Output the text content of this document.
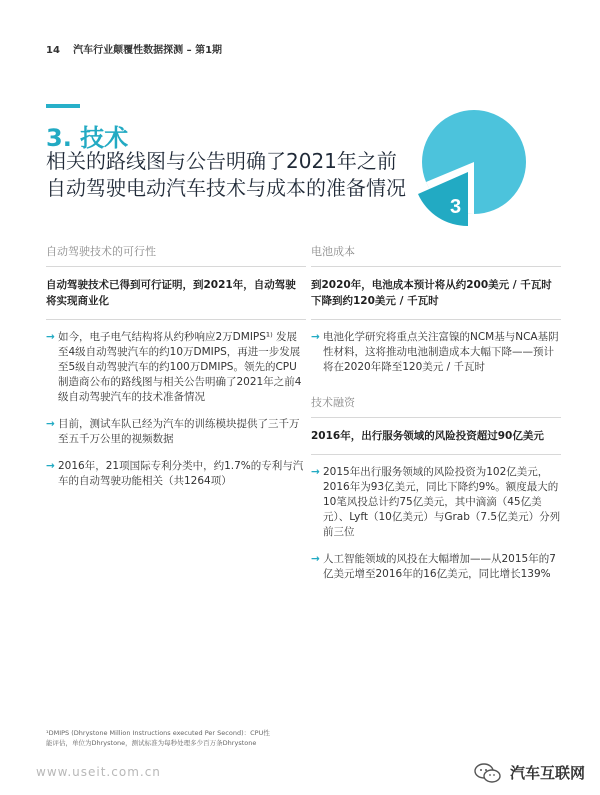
14 汽车行业颠覆性数据探测 – 第1期
3. 技术
相关的路线图与公告明确了2021年之前自动驾驶电动汽车技术与成本的准备情况
3
自动驾驶技术的可行性
自动驾驶技术已得到可行证明，到2021年，自动驾驶将实现商业化
→ 如今，电子电气结构将从约秒响应2万DMIPS¹⁾ 发展至4级自动驾驶汽车的约10万DMIPS，再进一步发展至5级自动驾驶汽车的约100万DMIPS。领先的CPU制造商公布的路线图与相关公告明确了2021年之前4级自动驾驶汽车的技术准备情况
→ 目前，测试车队已经为汽车的训练模块提供了三千万至五千万公里的视频数据
→ 2016年，21项国际专利分类中，约1.7%的专利与汽车的自动驾驶功能相关（共1264项）
电池成本
到2020年，电池成本预计将从约200美元 / 千瓦时下降到约120美元 / 千瓦时
→ 电池化学研究将重点关注富镍的NCM基与NCA基阴性材料，这将推动电池制造成本大幅下降——预计将在2020年降至120美元 / 千瓦时
技术融资
2016年，出行服务领域的风险投资超过90亿美元
→ 2015年出行服务领域的风险投资为102亿美元，2016年为93亿美元，同比下降约9%。额度最大的10笔风投总计约75亿美元，其中滴滴（45亿美元）、Lyft（10亿美元）与Grab（7.5亿美元）分列前三位
→ 人工智能领域的风投在大幅增加——从2015年的7亿美元增至2016年的16亿美元，同比增长139%
¹DMIPS (Dhrystone Million Instructions executed Per Second)：CPU性能评估，单位为Dhrystone，测试标准为每秒处理多少百万条Dhrystone
www.useit.com.cn	汽车互联网
